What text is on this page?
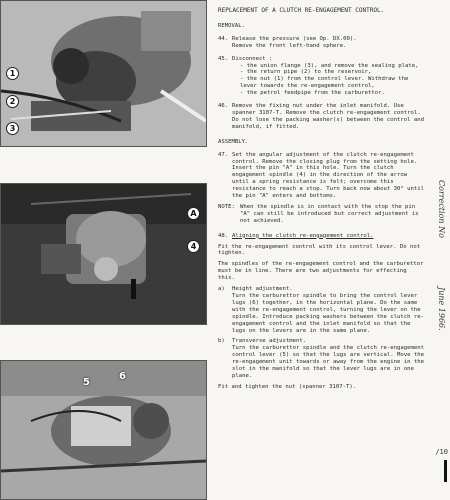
1
2
3
A
4
5
6
REPLACEMENT OF A CLUTCH RE-ENGAGEMENT CONTROL.
REMOVAL.
44. Release the pressure (see Op. DX.00).
Remove the front left-hand sphere.
45. Disconnect :
- the union flange (3), and remove the sealing plate,
- the return pipe (2) to the reservoir,
- the nut (1) from the control lever. Withdraw the lever towards the re-engagement control,
- the petrol feedpipe from the carburettor.
46. Remove the fixing nut under the inlet manifold. Use spanner 3107-T. Remove the clutch re-engagement control. Do not lose the packing washer(s) between the control and manifold, if fitted.
ASSEMBLY.
47. Set the angular adjustment of the clutch re-engagement control. Remove the closing plug from the setting hole. Insert the pin "A" in this hole. Turn the clutch engagement spindle (4) in the direction of the arrow until a spring resistance is felt; overcome this resistance to reach a stop. Turn back now about 30° until the pin "A" enters and bottoms.
NOTE: When the spindle is in contact with the stop the pin "A" can still be introduced but correct adjustment is not achieved.
48. Aligning the clutch re-engagement control.
Fit the re-engagement control with its control lever. Do not tighten.
The spindles of the re-engagement control and the carburettor must be in line. There are two adjustments for effecting this.
a)	Height adjustment.
Turn the carburettor spindle to bring the control lever lugs (6) together, in the horizontal plane. Do the same with the re-engagement control, turning the lever on the spindle. Introduce packing washers between the clutch re-engagement control and the inlet manifold so that the lugs on the levers are in the same plane.
b)	Transverse adjustment.
Turn the carburettor spindle and the clutch re-engagement control lever (5) so that the lugs are vertical. Move the re-engagement unit towards or away from the engine in the slot in the manifold so that the lever lugs are in one plane.
Fit and tighten the nut (spanner 3107-T).
Correction No
June 1966.
/10
